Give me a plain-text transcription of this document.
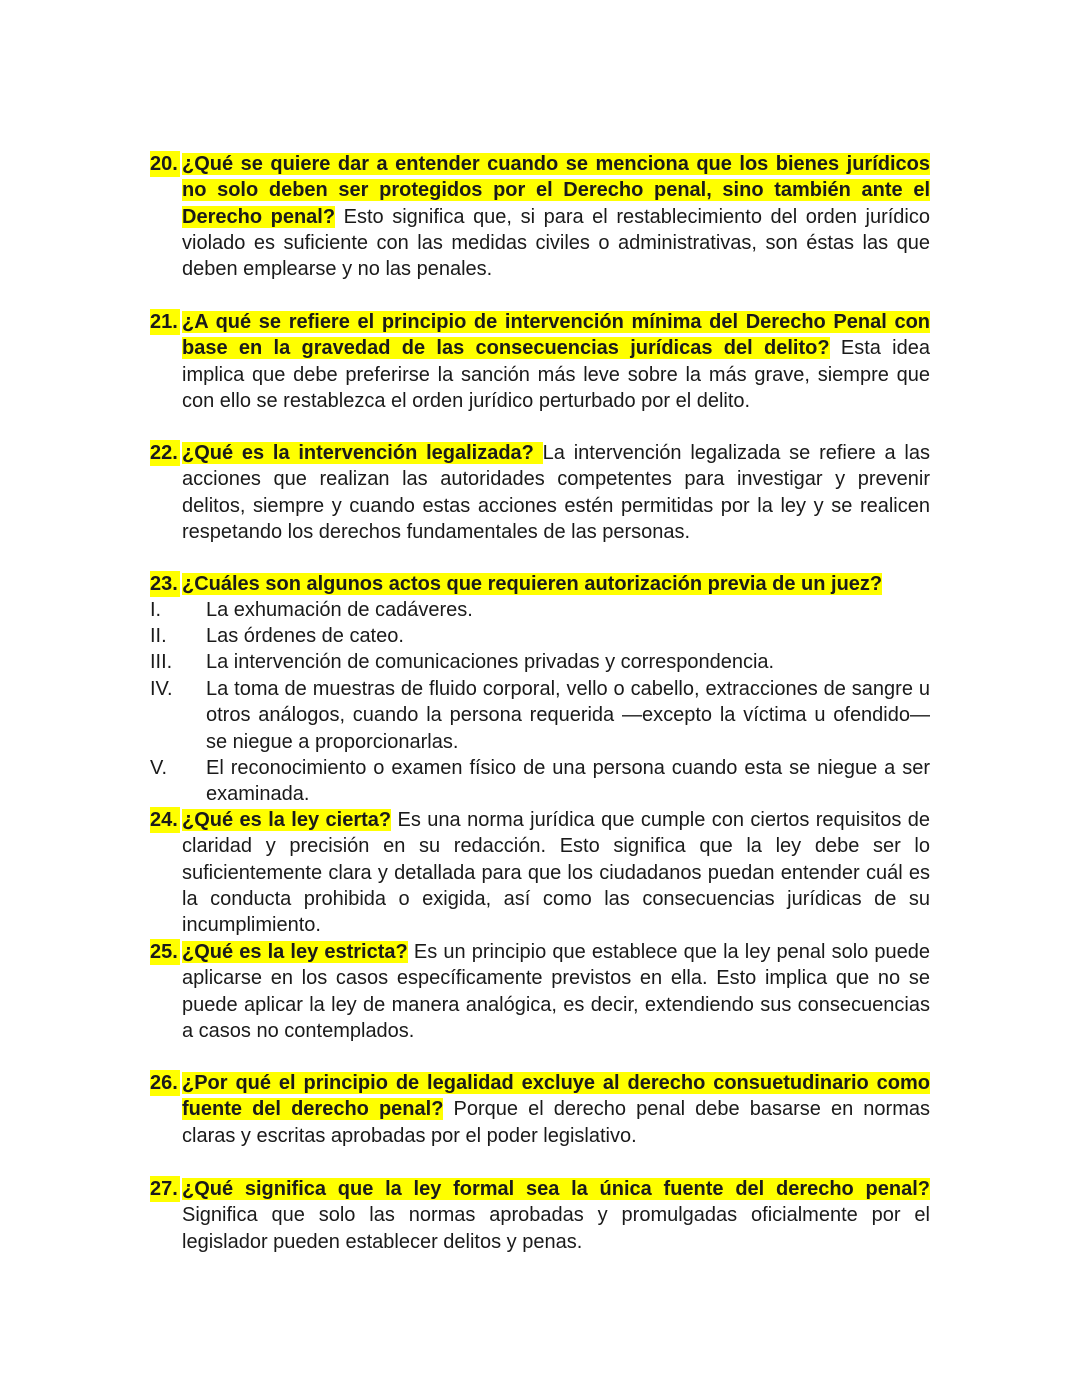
20. ¿Qué se quiere dar a entender cuando se menciona que los bienes jurídicos no solo deben ser protegidos por el Derecho penal, sino también ante el Derecho penal? Esto significa que, si para el restablecimiento del orden jurídico violado es suficiente con las medidas civiles o administrativas, son éstas las que deben emplearse y no las penales.
21. ¿A qué se refiere el principio de intervención mínima del Derecho Penal con base en la gravedad de las consecuencias jurídicas del delito? Esta idea implica que debe preferirse la sanción más leve sobre la más grave, siempre que con ello se restablezca el orden jurídico perturbado por el delito.
22. ¿Qué es la intervención legalizada? La intervención legalizada se refiere a las acciones que realizan las autoridades competentes para investigar y prevenir delitos, siempre y cuando estas acciones estén permitidas por la ley y se realicen respetando los derechos fundamentales de las personas.
23. ¿Cuáles son algunos actos que requieren autorización previa de un juez?
I. La exhumación de cadáveres.
II. Las órdenes de cateo.
III. La intervención de comunicaciones privadas y correspondencia.
IV. La toma de muestras de fluido corporal, vello o cabello, extracciones de sangre u otros análogos, cuando la persona requerida —excepto la víctima u ofendido— se niegue a proporcionarlas.
V. El reconocimiento o examen físico de una persona cuando esta se niegue a ser examinada.
24. ¿Qué es la ley cierta? Es una norma jurídica que cumple con ciertos requisitos de claridad y precisión en su redacción. Esto significa que la ley debe ser lo suficientemente clara y detallada para que los ciudadanos puedan entender cuál es la conducta prohibida o exigida, así como las consecuencias jurídicas de su incumplimiento.
25. ¿Qué es la ley estricta? Es un principio que establece que la ley penal solo puede aplicarse en los casos específicamente previstos en ella. Esto implica que no se puede aplicar la ley de manera analógica, es decir, extendiendo sus consecuencias a casos no contemplados.
26. ¿Por qué el principio de legalidad excluye al derecho consuetudinario como fuente del derecho penal? Porque el derecho penal debe basarse en normas claras y escritas aprobadas por el poder legislativo.
27. ¿Qué significa que la ley formal sea la única fuente del derecho penal? Significa que solo las normas aprobadas y promulgadas oficialmente por el legislador pueden establecer delitos y penas.
